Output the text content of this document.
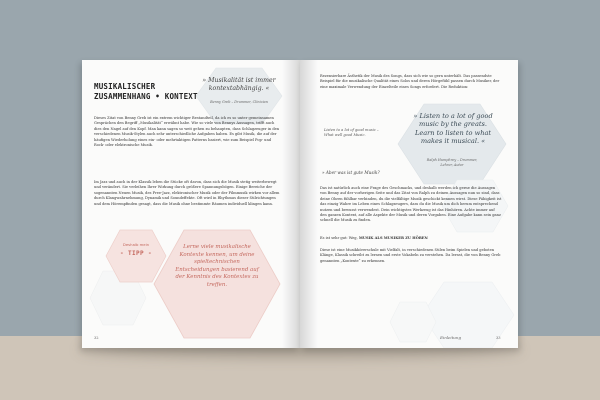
MUSIKALISCHER ZUSAMMENHANG • KONTEXT
» Musikalität ist immer kontextabhängig. «
Benny Greb – Drummer, Clinician
Dieses Zitat von Benny Greb ist ein extrem wichtiger Bestandteil, da ich es so unter gemeinsamen Gesprächen den Begriff „Musikalität“ erwähnt habe. Wie so viele von Bennys Aussagen, trifft auch dies den Nagel auf den Kopf. Man kann sagen so weit gehen zu behaupten, dass Schlagzeuger in den verschiedenen Musik-Stylen auch sehr unterschiedliche Aufgaben haben. Es gibt Musik, die auf der häufigen Wiederholung eines ein- oder mehrtaktigen Patterns basiert, wie zum Beispiel Pop- und Rock- oder elektronische Musik.
Im Jazz und auch in der Klassik leben die Stücke oft davon, dass sich die Musik stetig weiterbewegt und verändert. Sie verleihen Ihrer Wirkung durch größere Spannungsbögen. Einige Bereiche der sogenannten Neuen Musik, des Free-Jazz, elektronischer Musik oder der Filmmusik wirken vor allem durch Klangwahrnehmung, Dynamik und Soundeffekte. Oft wird in Rhythmus dieser Stilrichtungen und dem Hörempfinden gesagt, dass die Musik ohne bestimmte Räumen individuell klingen kann.
Deshalb mein
- TIPP -
Lerne viele musikalische Kontexte kennen, um deine spieltechnischen Entscheidungen basierend auf der Kenntnis des Kontextes zu treffen.
32
Rezensierbare Ästhetik der Musik des Songs, dass sich wie so gern unterhält. Das passendste Beispiel für die musikalische Qualität eines Solos und deren Hörgefühl passen durch Musiker, der eine maximale Verwendung der Einzelteile eines Songs erfordert. Die Reduktion:
» Listen to a lot of good music by the greats. Learn to listen to what makes it musical. «
Ralph Humphrey – Drummer, Lehrer, Autor
Listen to a lot of good music – What well good Music.
» Aber was ist gute Musik?
Das ist natürlich auch eine Frage des Geschmacks, und deshalb werden ich gerne die Aussagen von Benny auf der vorherigen Seite und das Zitat von Ralph zu deinen Aussagen nun so sind, dass deine Ohren fühlbar verbinden, du die vielfältige Musik geschickt kennen wirst. Diese Fähigkeit ist das einzig Wahre im Leben eines Schlagzeugers, dass du die Musik um dich herum entsprechend nutzen und bewusst verwendest. Dein wichtigstes Werkzeug ist das Hinhören. Achte immer auf den ganzen Kontext, auf alle Aspekte der Musik und deren Vorgaben. Eine Aufgabe kann sein ganz schnell die Musik zu finden.
Es ist sehr gut: Weg, MUSIK ALS MUSIKER ZU HÖREN
Diese ist eine Musikhörerschule mit Vielfalt, in verschiedenen Stilen beim Spielen und geboten Klänge, Klassik schreibt zu lernen und erste Vokabeln zu verstehen. Da lernst, die von Benny Greb genannten „Kontexte“ zu erkennen.
Einleitung	33
